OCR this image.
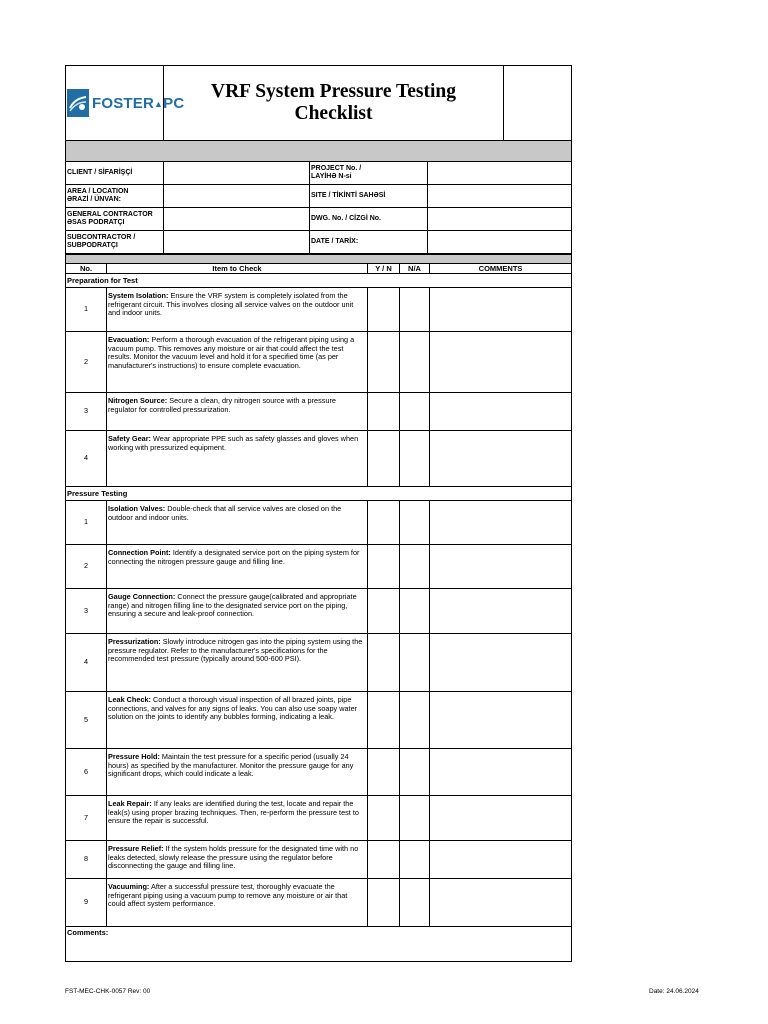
FOSTER▲PC

VRF System Pressure Testing
Checklist

CLIENT / SİFARİŞÇİ		PROJECT No. /
LAYİHƏ N-si	

AREA / LOCATION
ƏRAZİ / ÜNVAN:		SITE / TİKİNTİ SAHƏSİ	

GENERAL CONTRACTOR
ƏSAS PODRATÇI		DWG. No. / CİZGİ No.	

SUBCONTRACTOR /
SUBPODRATÇI		DATE / TARİX:	

No.	Item to Check	Y / N	N/A	COMMENTS
Preparation for Test				
1	System Isolation: Ensure the VRF system is completely isolated from the refrigerant circuit. This involves closing all service valves on the outdoor unit and indoor units.			
2	Evacuation: Perform a thorough evacuation of the refrigerant piping using a vacuum pump. This removes any moisture or air that could affect the test results. Monitor the vacuum level and hold it for a specified time (as per manufacturer's instructions) to ensure complete evacuation.			
3	Nitrogen Source: Secure a clean, dry nitrogen source with a pressure regulator for controlled pressurization.			
4	Safety Gear: Wear appropriate PPE such as safety glasses and gloves when working with pressurized equipment.			
Pressure Testing				
1	Isolation Valves: Double-check that all service valves are closed on the outdoor and indoor units.			
2	Connection Point: Identify a designated service port on the piping system for connecting the nitrogen pressure gauge and filling line.			
3	Gauge Connection: Connect the pressure gauge(calibrated and appropriate range) and nitrogen filling line to the designated service port on the piping, ensuring a secure and leak-proof connection.			
4	Pressurization: Slowly introduce nitrogen gas into the piping system using the pressure regulator. Refer to the manufacturer's specifications for the recommended test pressure (typically around 500-600 PSI).			
5	Leak Check: Conduct a thorough visual inspection of all brazed joints, pipe connections, and valves for any signs of leaks. You can also use soapy water solution on the joints to identify any bubbles forming, indicating a leak.			
6	Pressure Hold: Maintain the test pressure for a specific period (usually 24 hours) as specified by the manufacturer. Monitor the pressure gauge for any significant drops, which could indicate a leak.			
7	Leak Repair: If any leaks are identified during the test, locate and repair the leak(s) using proper brazing techniques. Then, re-perform the pressure test to ensure the repair is successful.			
8	Pressure Relief: If the system holds pressure for the designated time with no leaks detected, slowly release the pressure using the regulator before disconnecting the gauge and filling line.			
9	Vacuuming: After a successful pressure test, thoroughly evacuate the refrigerant piping using a vacuum pump to remove any moisture or air that could affect system performance.			
Comments:				
FST-MEC-CHK-0057 Rev: 00	Date: 24.06.2024
